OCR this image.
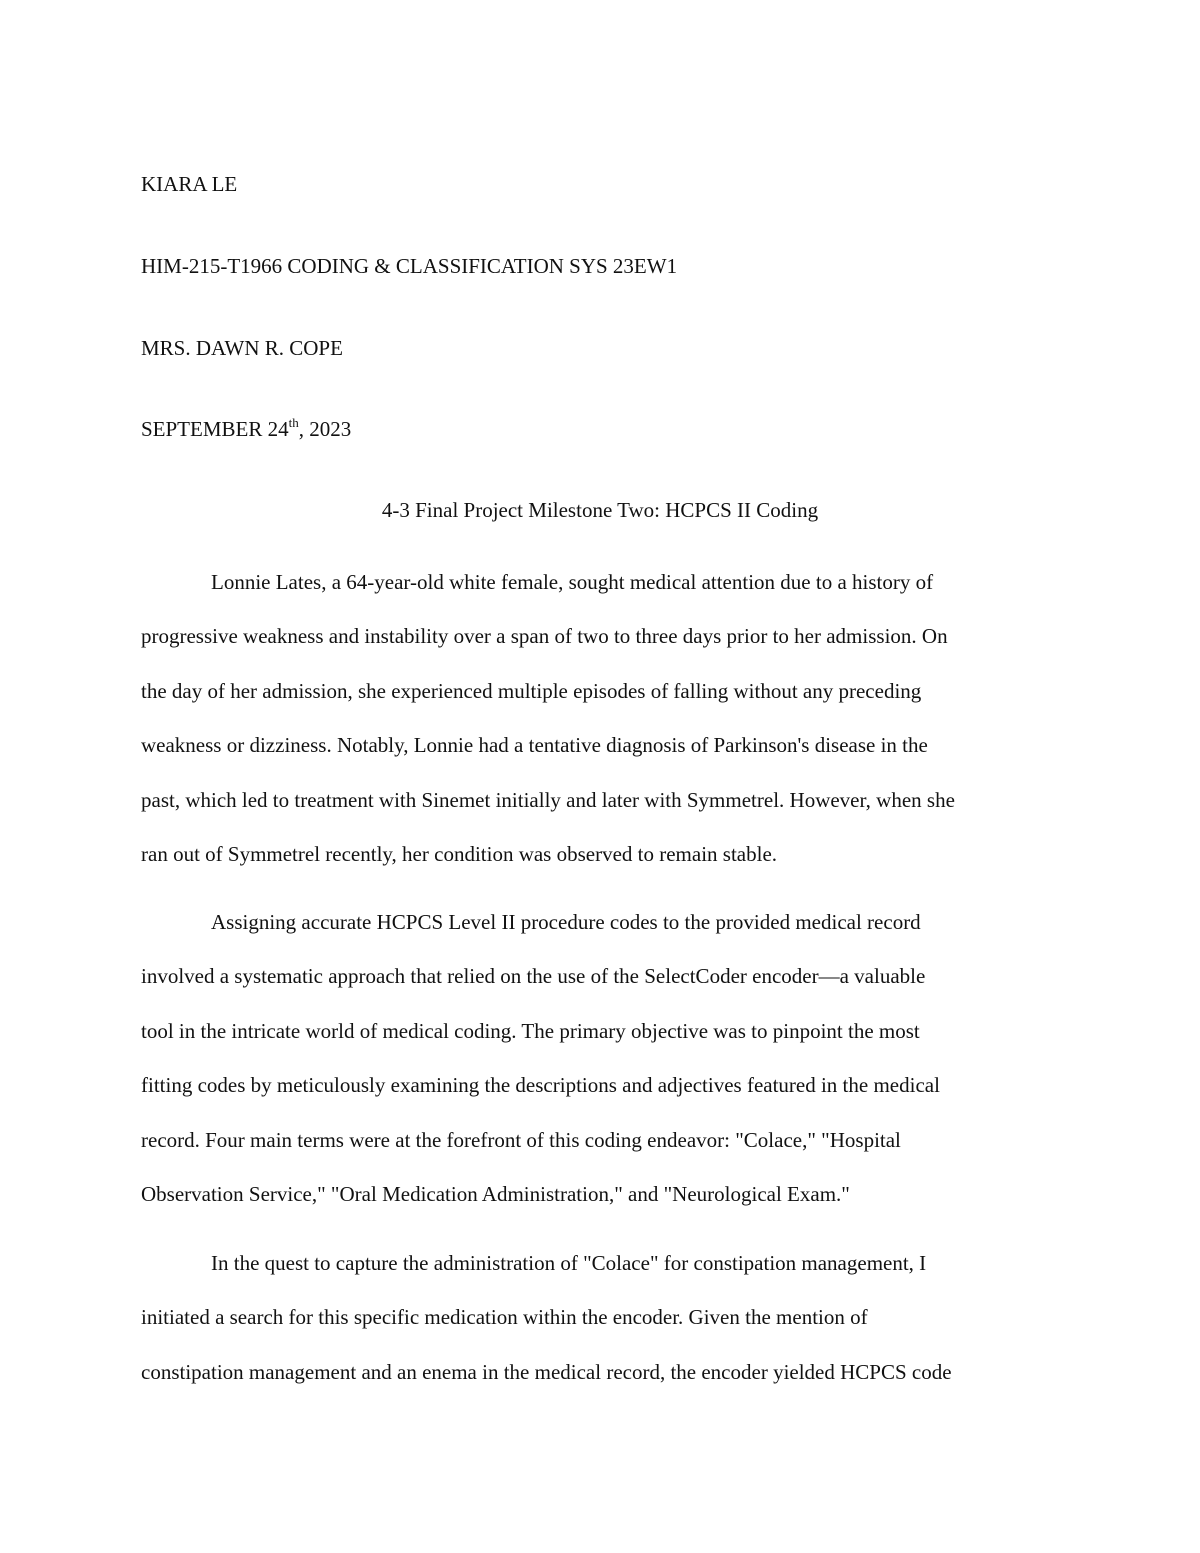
KIARA LE

HIM-215-T1966 CODING & CLASSIFICATION SYS 23EW1

MRS. DAWN R. COPE

SEPTEMBER 24th, 2023

4-3 Final Project Milestone Two: HCPCS II Coding

Lonnie Lates, a 64-year-old white female, sought medical attention due to a history of
progressive weakness and instability over a span of two to three days prior to her admission. On
the day of her admission, she experienced multiple episodes of falling without any preceding
weakness or dizziness. Notably, Lonnie had a tentative diagnosis of Parkinson's disease in the
past, which led to treatment with Sinemet initially and later with Symmetrel. However, when she
ran out of Symmetrel recently, her condition was observed to remain stable.
Assigning accurate HCPCS Level II procedure codes to the provided medical record
involved a systematic approach that relied on the use of the SelectCoder encoder—a valuable
tool in the intricate world of medical coding. The primary objective was to pinpoint the most
fitting codes by meticulously examining the descriptions and adjectives featured in the medical
record. Four main terms were at the forefront of this coding endeavor: "Colace," "Hospital
Observation Service," "Oral Medication Administration," and "Neurological Exam."
In the quest to capture the administration of "Colace" for constipation management, I
initiated a search for this specific medication within the encoder. Given the mention of
constipation management and an enema in the medical record, the encoder yielded HCPCS code
